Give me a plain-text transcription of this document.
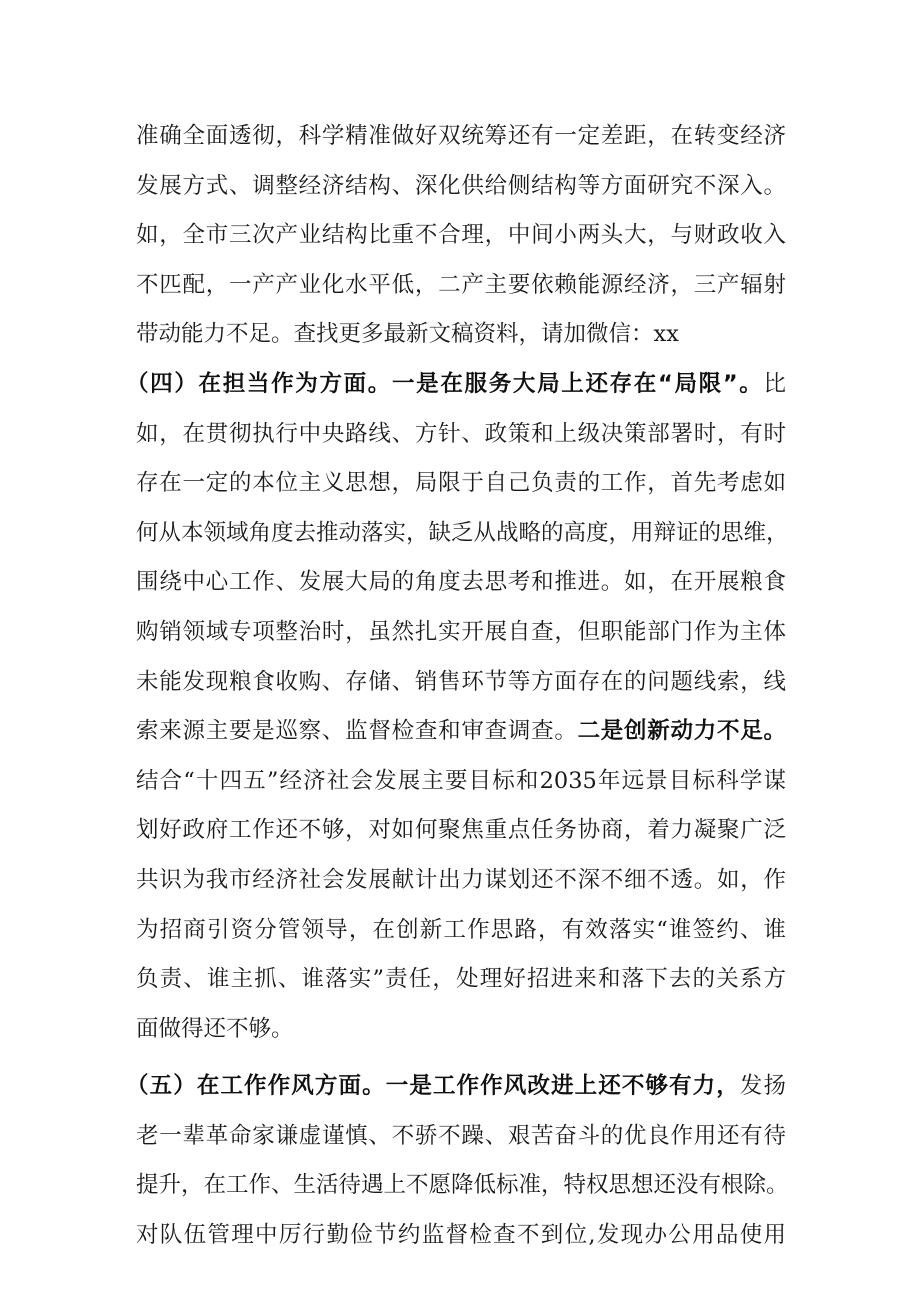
准确全面透彻，科学精准做好双统筹还有一定差距，在转变经济
发展方式、调整经济结构、深化供给侧结构等方面研究不深入。
如，全市三次产业结构比重不合理，中间小两头大，与财政收入
不匹配，一产产业化水平低，二产主要依赖能源经济，三产辐射
带动能力不足。查找更多最新文稿资料，请加微信：xx
（四）在担当作为方面。一是在服务大局上还存在“局限”。比
如，在贯彻执行中央路线、方针、政策和上级决策部署时，有时
存在一定的本位主义思想，局限于自己负责的工作，首先考虑如
何从本领域角度去推动落实，缺乏从战略的高度，用辩证的思维，
围绕中心工作、发展大局的角度去思考和推进。如，在开展粮食
购销领域专项整治时，虽然扎实开展自查，但职能部门作为主体
未能发现粮食收购、存储、销售环节等方面存在的问题线索，线
索来源主要是巡察、监督检查和审查调查。二是创新动力不足。
结合“十四五”经济社会发展主要目标和2035年远景目标科学谋
划好政府工作还不够，对如何聚焦重点任务协商，着力凝聚广泛
共识为我市经济社会发展献计出力谋划还不深不细不透。如，作
为招商引资分管领导，在创新工作思路，有效落实“谁签约、谁
负责、谁主抓、谁落实”责任，处理好招进来和落下去的关系方
面做得还不够。
（五）在工作作风方面。一是工作作风改进上还不够有力，发扬
老一辈革命家谦虚谨慎、不骄不躁、艰苦奋斗的优良作用还有待
提升，在工作、生活待遇上不愿降低标准，特权思想还没有根除。
对队伍管理中厉行勤俭节约监督检查不到位,发现办公用品使用
